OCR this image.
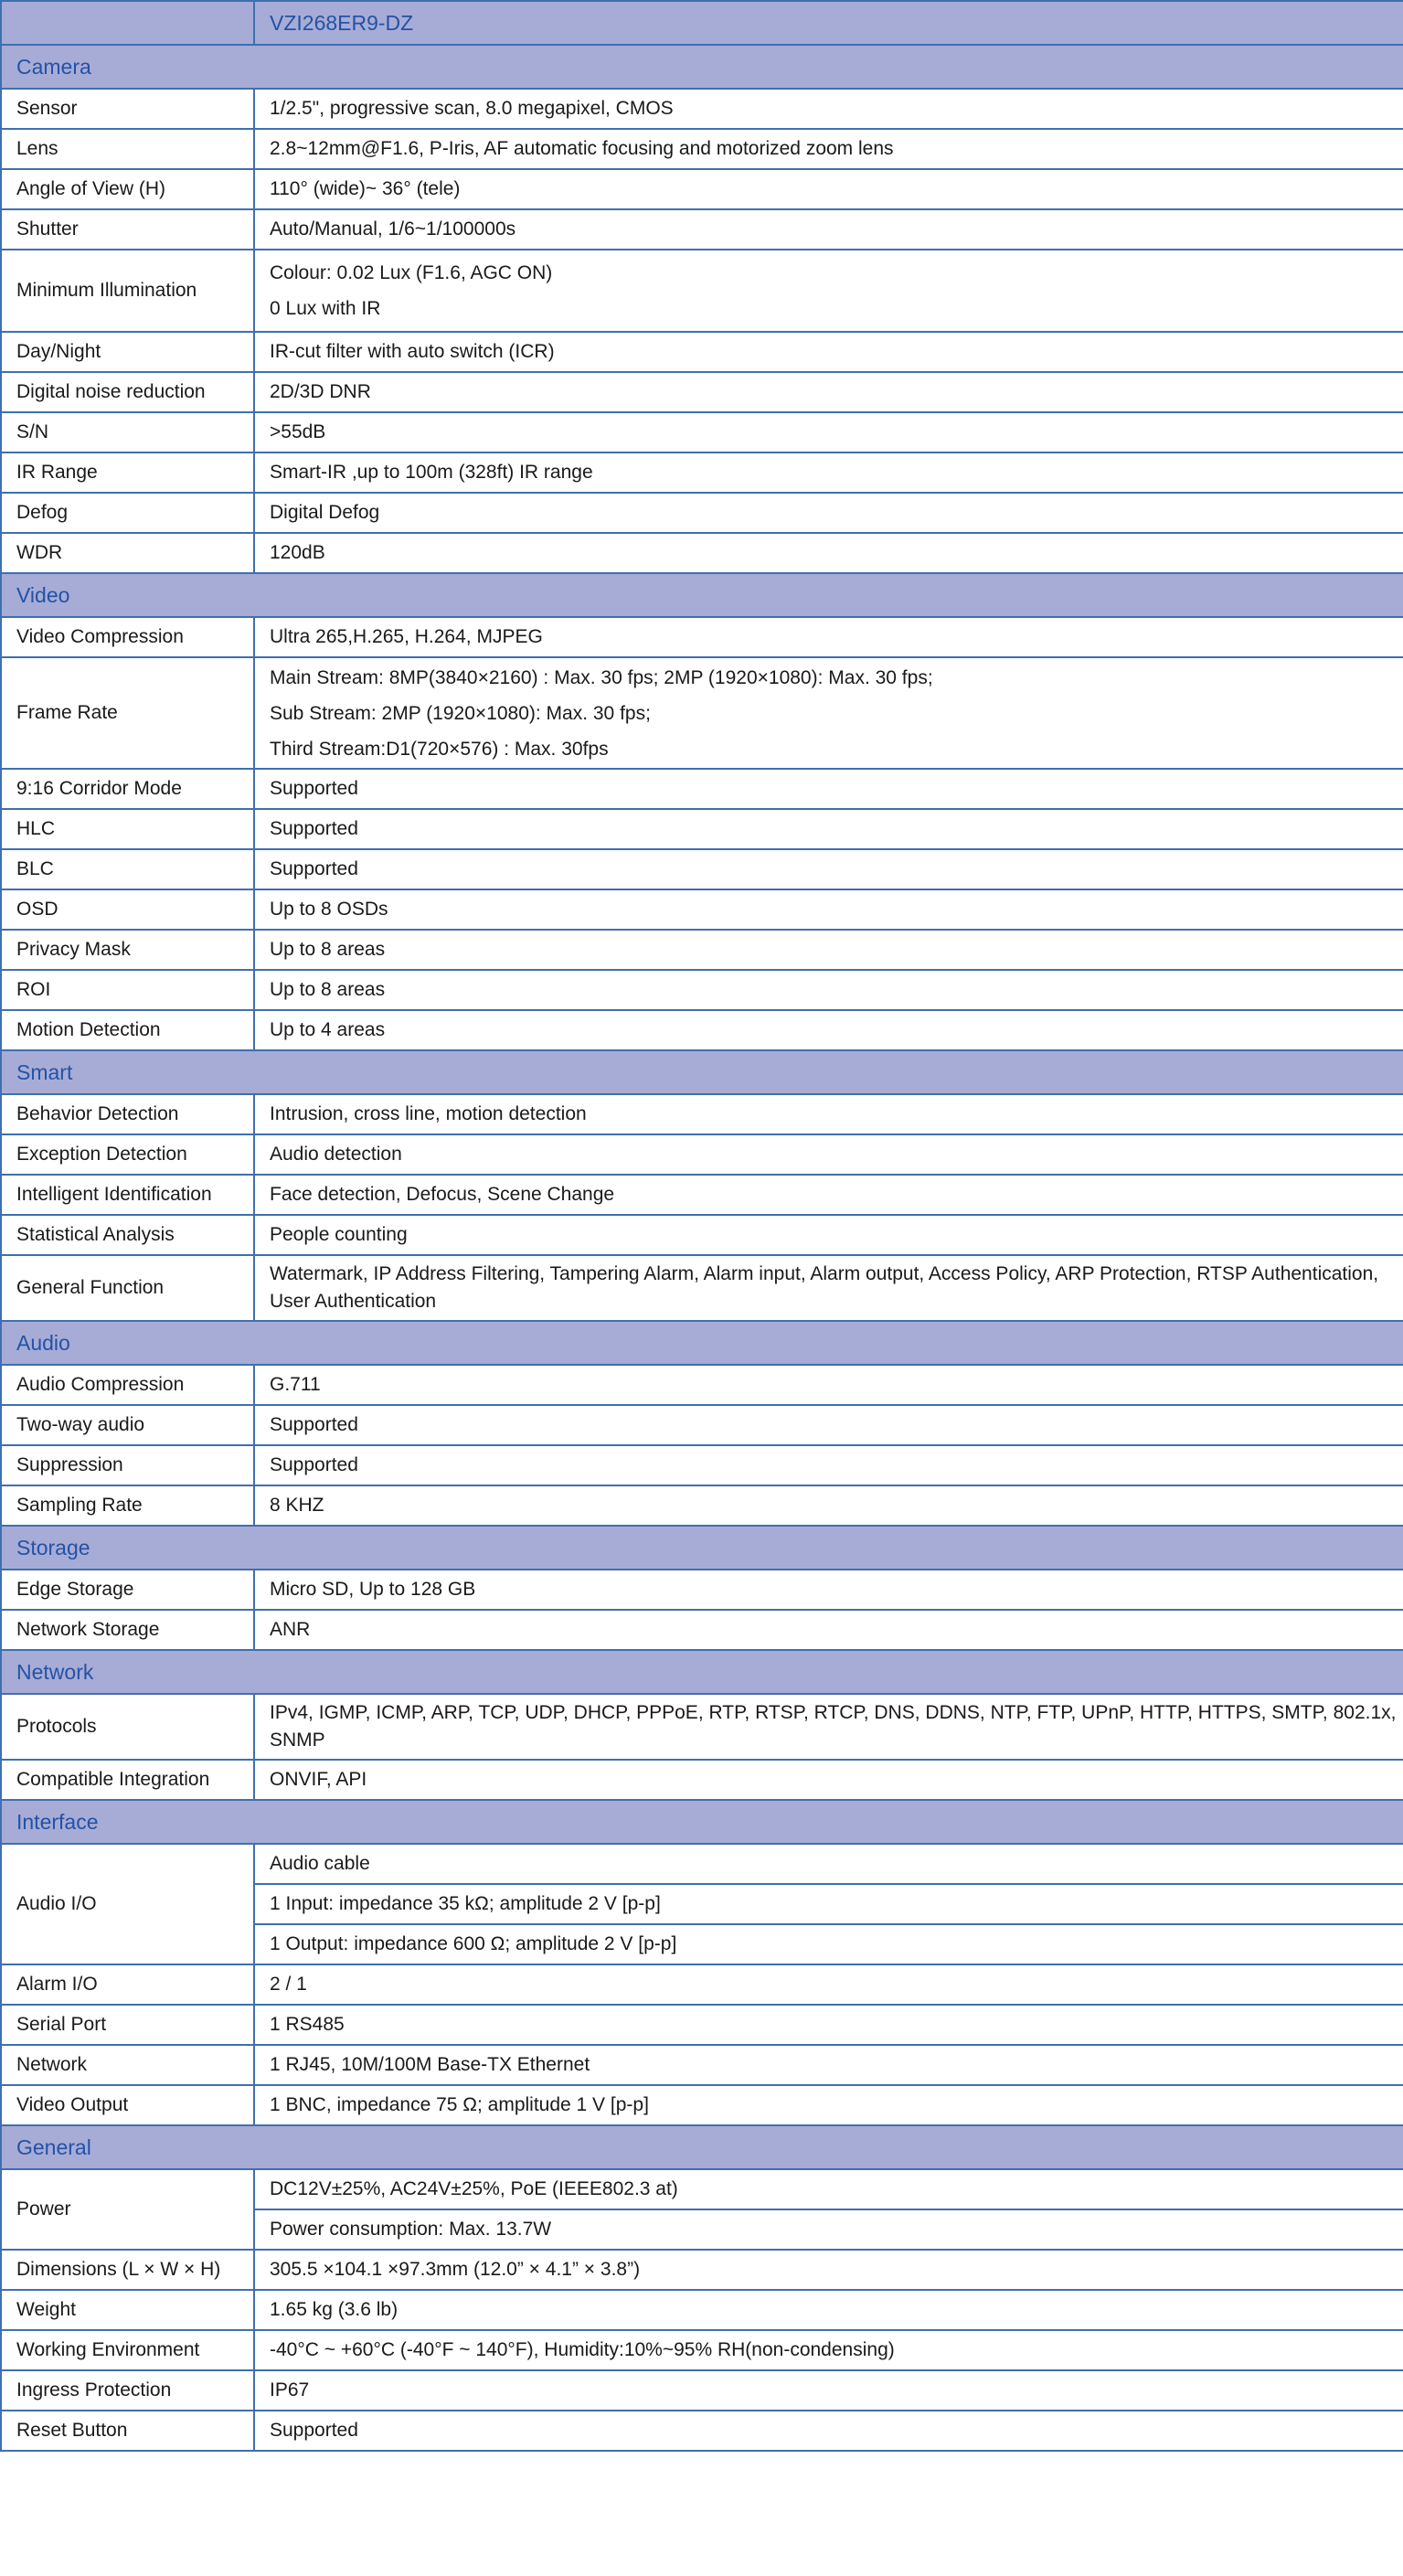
	VZI268ER9-DZ
Camera	
Sensor	1/2.5", progressive scan, 8.0 megapixel, CMOS
Lens	2.8~12mm@F1.6, P-Iris, AF automatic focusing and motorized zoom lens
Angle of View (H)	110° (wide)~ 36° (tele)
Shutter	Auto/Manual, 1/6~1/100000s
Minimum Illumination	Colour: 0.02 Lux (F1.6, AGC ON)
0 Lux with IR

Day/Night	IR-cut filter with auto switch (ICR)
Digital noise reduction	2D/3D DNR
S/N	>55dB
IR Range	Smart-IR ,up to 100m (328ft) IR range
Defog	Digital Defog
WDR	120dB
Video	
Video Compression	Ultra 265,H.265, H.264, MJPEG
Frame Rate	Main Stream: 8MP(3840×2160) : Max. 30 fps; 2MP (1920×1080): Max. 30 fps;
Sub Stream: 2MP (1920×1080): Max. 30 fps;
Third Stream:D1(720×576) : Max. 30fps

9:16 Corridor Mode	Supported
HLC	Supported
BLC	Supported
OSD	Up to 8 OSDs
Privacy Mask	Up to 8 areas
ROI	Up to 8 areas
Motion Detection	Up to 4 areas
Smart	
Behavior Detection	Intrusion, cross line, motion detection
Exception Detection	Audio detection
Intelligent Identification	Face detection, Defocus, Scene Change
Statistical Analysis	People counting
General Function	Watermark, IP Address Filtering, Tampering Alarm, Alarm input, Alarm output, Access Policy, ARP Protection, RTSP Authentication, User Authentication
Audio	
Audio Compression	G.711
Two-way audio	Supported
Suppression	Supported
Sampling Rate	8 KHZ
Storage	
Edge Storage	Micro SD, Up to 128 GB
Network Storage	ANR
Network	
Protocols	IPv4, IGMP, ICMP, ARP, TCP, UDP, DHCP, PPPoE, RTP, RTSP, RTCP, DNS, DDNS, NTP, FTP, UPnP, HTTP, HTTPS, SMTP, 802.1x, SNMP
Compatible Integration	ONVIF, API
Interface	
Audio I/O	Audio cable
	1 Input: impedance 35 kΩ; amplitude 2 V [p-p]
	1 Output: impedance 600 Ω; amplitude 2 V [p-p]
Alarm I/O	2 / 1
Serial Port	1 RS485
Network	1 RJ45, 10M/100M Base-TX Ethernet
Video Output	1 BNC, impedance 75 Ω; amplitude 1 V [p-p]
General	
Power	DC12V±25%, AC24V±25%, PoE (IEEE802.3 at)
	Power consumption: Max. 13.7W
Dimensions (L × W × H)	305.5 ×104.1 ×97.3mm (12.0” × 4.1” × 3.8”)
Weight	1.65 kg (3.6 lb)
Working Environment	-40°C ~ +60°C (-40°F ~ 140°F), Humidity:10%~95% RH(non-condensing)
Ingress Protection	IP67
Reset Button	Supported
